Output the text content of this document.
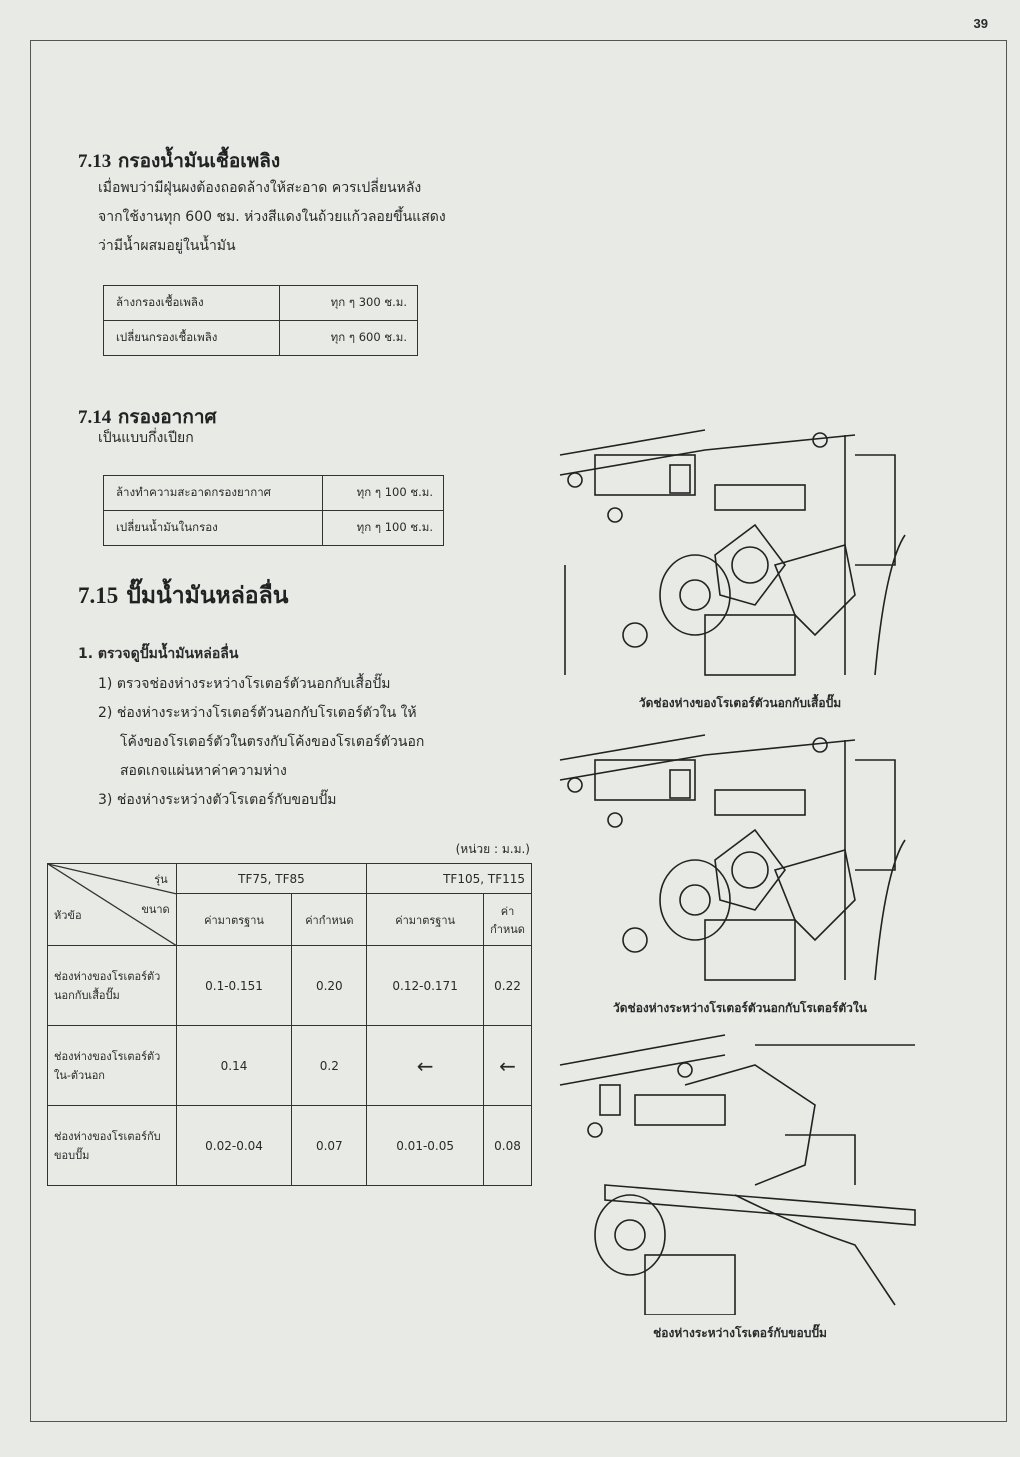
39
7.13 กรองน้ำมันเชื้อเพลิง
เมื่อพบว่ามีฝุ่นผงต้องถอดล้างให้สะอาด ควรเปลี่ยนหลัง
จากใช้งานทุก 600 ชม. ห่วงสีแดงในถ้วยแก้วลอยขึ้นแสดง
ว่ามีน้ำผสมอยู่ในน้ำมัน
ล้างกรองเชื้อเพลิง	ทุก ๆ 300 ช.ม.
เปลี่ยนกรองเชื้อเพลิง	ทุก ๆ 600 ช.ม.
7.14 กรองอากาศ
เป็นแบบกึ่งเปียก
ล้างทำความสะอาดกรองยากาศ	ทุก ๆ 100 ช.ม.
เปลี่ยนน้ำมันในกรอง	ทุก ๆ 100 ช.ม.
7.15 ปั๊มน้ำมันหล่อลื่น
1. ตรวจดูปั๊มน้ำมันหล่อลื่น
1) ตรวจช่องห่างระหว่างโรเตอร์ตัวนอกกับเสื้อปั๊ม
2) ช่องห่างระหว่างโรเตอร์ตัวนอกกับโรเตอร์ตัวใน ให้
โค้งของโรเตอร์ตัวในตรงกับโค้งของโรเตอร์ตัวนอก
สอดเกจแผ่นหาค่าความห่าง
3) ช่องห่างระหว่างตัวโรเตอร์กับขอบปั๊ม
(หน่วย : ม.ม.)
รุ่น
ขนาด
หัวข้อ	TF75, TF85		TF105, TF115	
	ค่ามาตรฐาน	ค่ากำหนด	ค่ามาตรฐาน	ค่ากำหนด
ช่องห่างของโรเตอร์ตัวนอกกับเสื้อปั๊ม	0.1-0.151	0.20	0.12-0.171	0.22
ช่องห่างของโรเตอร์ตัวใน-ตัวนอก	0.14	0.2	←	←
ช่องห่างของโรเตอร์กับขอบปั๊ม	0.02-0.04	0.07	0.01-0.05	0.08
วัดช่องห่างของโรเตอร์ตัวนอกกับเสื้อปั๊ม
วัดช่องห่างระหว่างโรเตอร์ตัวนอกกับโรเตอร์ตัวใน
ช่องห่างระหว่างโรเตอร์กับขอบปั๊ม
